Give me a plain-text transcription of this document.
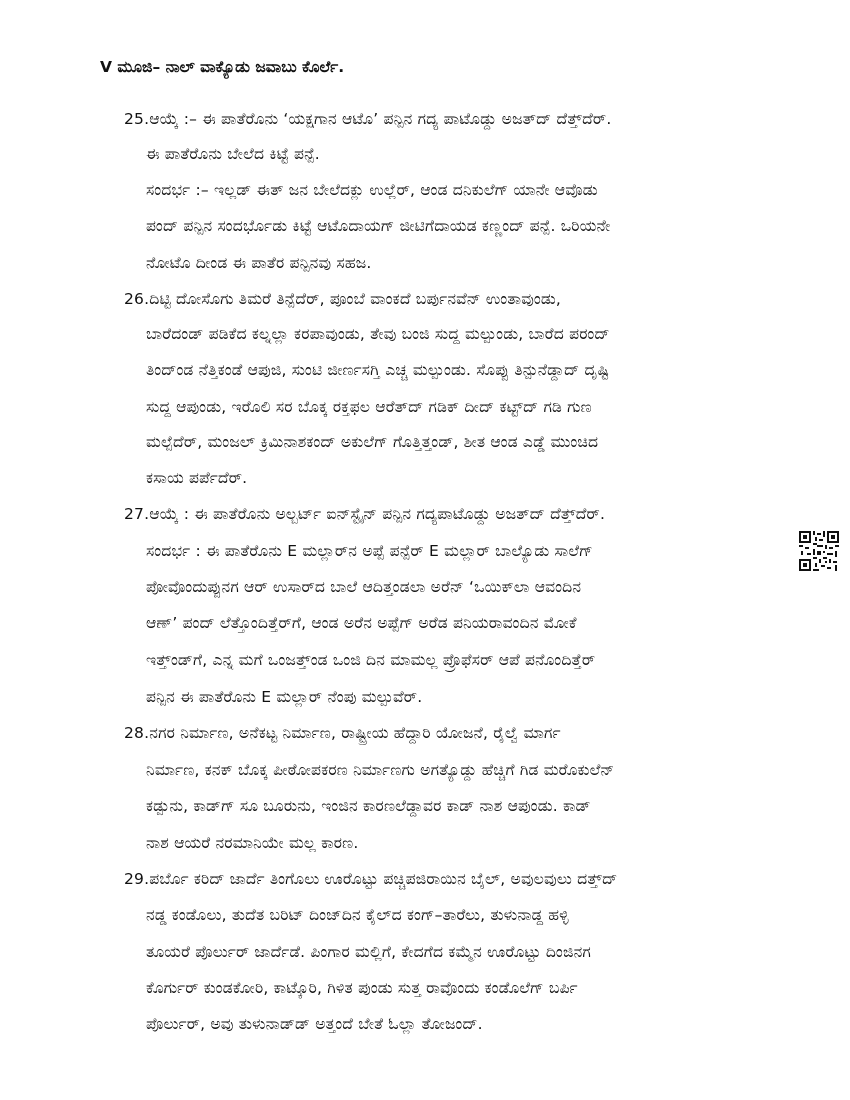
V ಮೂಜಿ– ನಾಲ್ ವಾಕ್ಯೊಡು ಜವಾಬು ಕೊರ್ಲೆ.
25.ಆಯ್ಕೆ :– ಈ ಪಾತೆರೊನು ‘ಯಕ್ಷಗಾನ ಆಟೊ’ ಪನ್ಪಿನ ಗದ್ಯ ಪಾಟೊಡ್ದು ಅಜತ್‌ದ್ ದೆತ್ತ್‌ದೆರ್.
ಈ ಪಾತೆರೊನು ಬೇಲೆದ ಕಿಟ್ಟೆ ಪನ್ಪೆ.
ಸಂದರ್ಭ :– ಇಲ್ಲಡ್ ಈತ್ ಜನ ಬೇಲೆದಕ್ಲು ಉಲ್ಲೆರ್, ಆಂಡ ದನಿಕುಲೆಗ್ ಯಾನೇ ಆವೊಡು
ಪಂದ್ ಪನ್ಪಿನ ಸಂದರ್ಭೊಡು ಕಿಟ್ಟೆ ಆಟೊದಾಯಗ್ ಜೀಟಿಗೆದಾಯಡ ಕಣ್ಣಂದ್ ಪನ್ಪೆ. ಒರಿಯನೇ
ನೋಟೊ ದೀಂಡ ಈ ಪಾತೆರ ಪನ್ಪಿನವು ಸಹಜ.
26.ದಿಟ್ಟಿ ದೋಸೊಗು ತಿಮರೆ ತಿನ್ಪೆದೆರ್, ಪೂಂಬೆ ವಾಂಕದೆ ಬರ್ಪುನವೆನ್ ಉಂತಾವುಂಡು,
ಬಾರೆದಂಡ್ ಪಡಿಕೆದ ಕಲ್ನಲ್ಲಾ ಕರಪಾವುಂಡು, ತೇವು ಬಂಜಿ ಸುದ್ದ ಮಲ್ಪುಂಡು, ಬಾರೆದ ಪರಂದ್
ತಿಂದ್‌ಂಡ ನೆತ್ತಿಕಂಡೆ ಆಪುಜಿ, ಸುಂಟಿ ಜೀರ್ಣಸಗ್ತಿ ಎಚ್ಚ ಮಲ್ಪುಂಡು. ಸೊಪ್ಪು ತಿನ್ಪುನೆಡ್ದಾದ್ ದೃಷ್ಟಿ
ಸುದ್ದ ಆಪುಂಡು, ಇರೊಲಿ ಸರ ಬೊಕ್ಕ ರಕ್ತಫಲ ಆರೆತ್‌ದ್ ಗಡಿಕ್ ದೀದ್ ಕಟ್ಟ್‌ದ್ ಗಡಿ ಗುಣ
ಮಲ್ಪೆದೆರ್, ಮಂಜಲ್ ಕ್ರಿಮಿನಾಶಕಂದ್ ಅಕುಲೆಗ್ ಗೊತ್ತಿತ್ತಂಡ್, ಶೀತ ಆಂಡ ಎಡ್ಡೆ ಮುಂಚಿದ
ಕಸಾಯ ಪರ್ಪೆದೆರ್.
27.ಆಯ್ಕೆ : ಈ ಪಾತೆರೊನು ಅಲ್ಬರ್ಟ್ ಐನ್‌ಸ್ಟೈನ್ ಪನ್ಪಿನ ಗದ್ಯಪಾಟೊಡ್ದು ಅಜತ್‌ದ್ ದೆತ್ತ್‌ದೆರ್.
ಸಂದರ್ಭ : ಈ ಪಾತೆರೊನು E ಮಲ್ಲಾರ್‌ನ ಅಪ್ಪೆ ಪನ್ಪೆರ್ E ಮಲ್ಲಾರ್ ಬಾಲ್ಯೊಡು ಸಾಲೆಗ್
ಪೋವೊಂದುಪ್ಪುನಗ ಆರ್ ಉಸಾರ್‌ದ ಬಾಲೆ ಆದಿತ್ತಂಡಲಾ ಅರೆನ್ ‘ಒಯಿಕ್‌ಲಾ ಆವಂದಿನ
ಆಣ್’ ಪಂದ್ ಲೆತ್ತೊಂದಿತ್ತೆರ್‌ಗೆ, ಆಂಡ ಅರೆನ ಅಪ್ಪೆಗ್ ಅರೆಡ ಪನಿಯರಾವಂದಿನ ಮೋಕೆ
ಇತ್ತ್‌ಂಡ್‌ಗೆ, ಎನ್ನ ಮಗೆ ಒಂಜತ್ತ್‌ಂಡ ಒಂಜಿ ದಿನ ಮಾಮಲ್ಲ ಪ್ರೊಫೆಸರ್ ಆಪೆ ಪನೊಂದಿತ್ತೆರ್
ಪನ್ಪಿನ ಈ ಪಾತೆರೊನು E ಮಲ್ಲಾರ್ ನೆಂಪು ಮಲ್ಪುವೆರ್.
28.ನಗರ ನಿರ್ಮಾಣ, ಅನೆಕಟ್ಟ ನಿರ್ಮಾಣ, ರಾಷ್ಟ್ರೀಯ ಹೆದ್ದಾರಿ ಯೋಜನೆ, ರೈಲ್ವೆ ಮಾರ್ಗ
ನಿರ್ಮಾಣ, ಕನಕ್ ಬೊಕ್ಕ ಪೀಠೋಪಕರಣ ನಿರ್ಮಾಣಗು ಅಗತ್ಯೊಡ್ದು ಹೆಚ್ಚಿಗೆ ಗಿಡ ಮರೊಕುಲೆನ್
ಕಡ್ಪುನು, ಕಾಡ್‌ಗ್ ಸೂ ಬೂರುನು, ಇಂಜಿನ ಕಾರಣಲೆಡ್ದಾವರ ಕಾಡ್ ನಾಶ ಆಪುಂಡು. ಕಾಡ್
ನಾಶ ಆಯರೆ ನರಮಾನಿಯೇ ಮಲ್ಲ ಕಾರಣ.
29.ಪರ್ಬೊ ಕರಿದ್ ಜಾರ್ದೆ ತಿಂಗೊಲು ಊರೊಟ್ಟು ಪಚ್ಚಿಪಜಿರಾಯಿನ ಬೈಲ್, ಅವುಲವುಲು ದತ್ತ್‌ದ್
ನಡ್ಡ ಕಂಡೊಲು, ತುದೆತ ಬರಿಟ್ ದಿಂಜ್‌ದಿನ ಕೈಲ್‌ದ ಕಂಗ್–ತಾರೆಲು, ತುಳುನಾಡ್ದ ಹಳ್ಳಿ
ತೂಯರೆ ಪೊರ್ಲುರ್ ಜಾರ್ದೆಡೆ. ಪಿಂಗಾರ ಮಲ್ಲಿಗೆ, ಕೇದಗೆದ ಕಮ್ಮೆನ ಊರೊಟ್ಟು ದಿಂಜಿನಗ
ಕೊರ್ಗುರ್ ಕುಂಡಕೋರಿ, ಕಾಟ್ಕೊರಿ, ಗಿಳಿತ ಪುಂಡು ಸುತ್ತ ರಾವೊಂದು ಕಂಡೊಲೆಗ್ ಬರ್ಪಿ
ಪೊರ್ಲುರ್, ಅವು ತುಳುನಾಡ್‌ಡ್ ಅತ್ತಂದೆ ಬೇತೆ ಓಲ್ಲಾ ತೋಜಂದ್.
